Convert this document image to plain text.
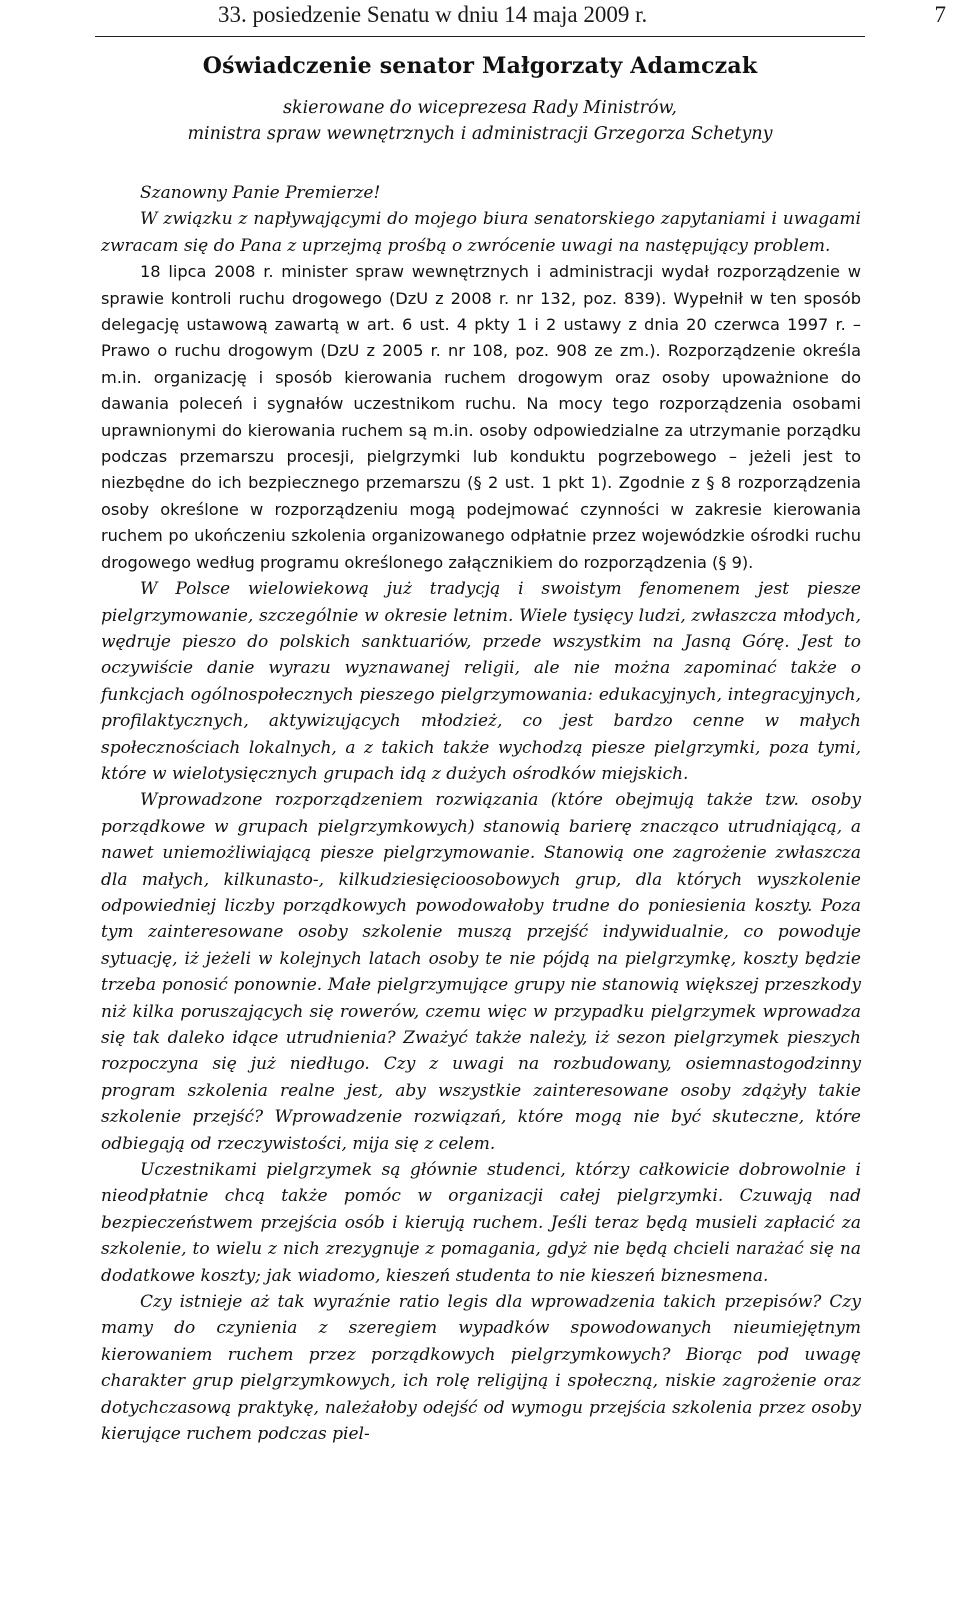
33. posiedzenie Senatu w dniu 14 maja 2009 r.	7
Oświadczenie senator Małgorzaty Adamczak
skierowane do wiceprezesa Rady Ministrów,
ministra spraw wewnętrznych i administracji Grzegorza Schetyny

Szanowny Panie Premierze!

W związku z napływającymi do mojego biura senatorskiego zapytaniami i uwagami zwracam się do Pana z uprzejmą prośbą o zwrócenie uwagi na następujący problem.

18 lipca 2008 r. minister spraw wewnętrznych i administracji wydał rozporządzenie w sprawie kontroli ruchu drogowego (DzU z 2008 r. nr 132, poz. 839). Wypełnił w ten sposób delegację ustawową zawartą w art. 6 ust. 4 pkty 1 i 2 ustawy z dnia 20 czerwca 1997 r. – Prawo o ruchu drogowym (DzU z 2005 r. nr 108, poz. 908 ze zm.). Rozporządzenie określa m.in. organizację i sposób kierowania ruchem drogowym oraz osoby upoważnione do dawania poleceń i sygnałów uczestnikom ruchu. Na mocy tego rozporządzenia osobami uprawnionymi do kierowania ruchem są m.in. osoby odpowiedzialne za utrzymanie porządku podczas przemarszu procesji, pielgrzymki lub konduktu pogrzebowego – jeżeli jest to niezbędne do ich bezpiecznego przemarszu (§ 2 ust. 1 pkt 1). Zgodnie z § 8 rozporządzenia osoby określone w rozporządzeniu mogą podejmować czynności w zakresie kierowania ruchem po ukończeniu szkolenia organizowanego odpłatnie przez wojewódzkie ośrodki ruchu drogowego według programu określonego załącznikiem do rozporządzenia (§ 9).

W Polsce wielowiekową już tradycją i swoistym fenomenem jest piesze pielgrzymowanie, szczególnie w okresie letnim. Wiele tysięcy ludzi, zwłaszcza młodych, wędruje pieszo do polskich sanktuariów, przede wszystkim na Jasną Górę. Jest to oczywiście danie wyrazu wyznawanej religii, ale nie można zapominać także o funkcjach ogólnospołecznych pieszego pielgrzymowania: edukacyjnych, integracyjnych, profilaktycznych, aktywizujących młodzież, co jest bardzo cenne w małych społecznościach lokalnych, a z takich także wychodzą piesze pielgrzymki, poza tymi, które w wielotysięcznych grupach idą z dużych ośrodków miejskich.

Wprowadzone rozporządzeniem rozwiązania (które obejmują także tzw. osoby porządkowe w grupach pielgrzymkowych) stanowią barierę znacząco utrudniającą, a nawet uniemożliwiającą piesze pielgrzymowanie. Stanowią one zagrożenie zwłaszcza dla małych, kilkunasto-, kilkudziesięcioosobowych grup, dla których wyszkolenie odpowiedniej liczby porządkowych powodowałoby trudne do poniesienia koszty. Poza tym zainteresowane osoby szkolenie muszą przejść indywidualnie, co powoduje sytuację, iż jeżeli w kolejnych latach osoby te nie pójdą na pielgrzymkę, koszty będzie trzeba ponosić ponownie. Małe pielgrzymujące grupy nie stanowią większej przeszkody niż kilka poruszających się rowerów, czemu więc w przypadku pielgrzymek wprowadza się tak daleko idące utrudnienia? Zważyć także należy, iż sezon pielgrzymek pieszych rozpoczyna się już niedługo. Czy z uwagi na rozbudowany, osiemnastogodzinny program szkolenia realne jest, aby wszystkie zainteresowane osoby zdążyły takie szkolenie przejść? Wprowadzenie rozwiązań, które mogą nie być skuteczne, które odbiegają od rzeczywistości, mija się z celem.

Uczestnikami pielgrzymek są głównie studenci, którzy całkowicie dobrowolnie i nieodpłatnie chcą także pomóc w organizacji całej pielgrzymki. Czuwają nad bezpieczeństwem przejścia osób i kierują ruchem. Jeśli teraz będą musieli zapłacić za szkolenie, to wielu z nich zrezygnuje z pomagania, gdyż nie będą chcieli narażać się na dodatkowe koszty; jak wiadomo, kieszeń studenta to nie kieszeń biznesmena.

Czy istnieje aż tak wyraźnie ratio legis dla wprowadzenia takich przepisów? Czy mamy do czynienia z szeregiem wypadków spowodowanych nieumiejętnym kierowaniem ruchem przez porządkowych pielgrzymkowych? Biorąc pod uwagę charakter grup pielgrzymkowych, ich rolę religijną i społeczną, niskie zagrożenie oraz dotychczasową praktykę, należałoby odejść od wymogu przejścia szkolenia przez osoby kierujące ruchem podczas piel-
